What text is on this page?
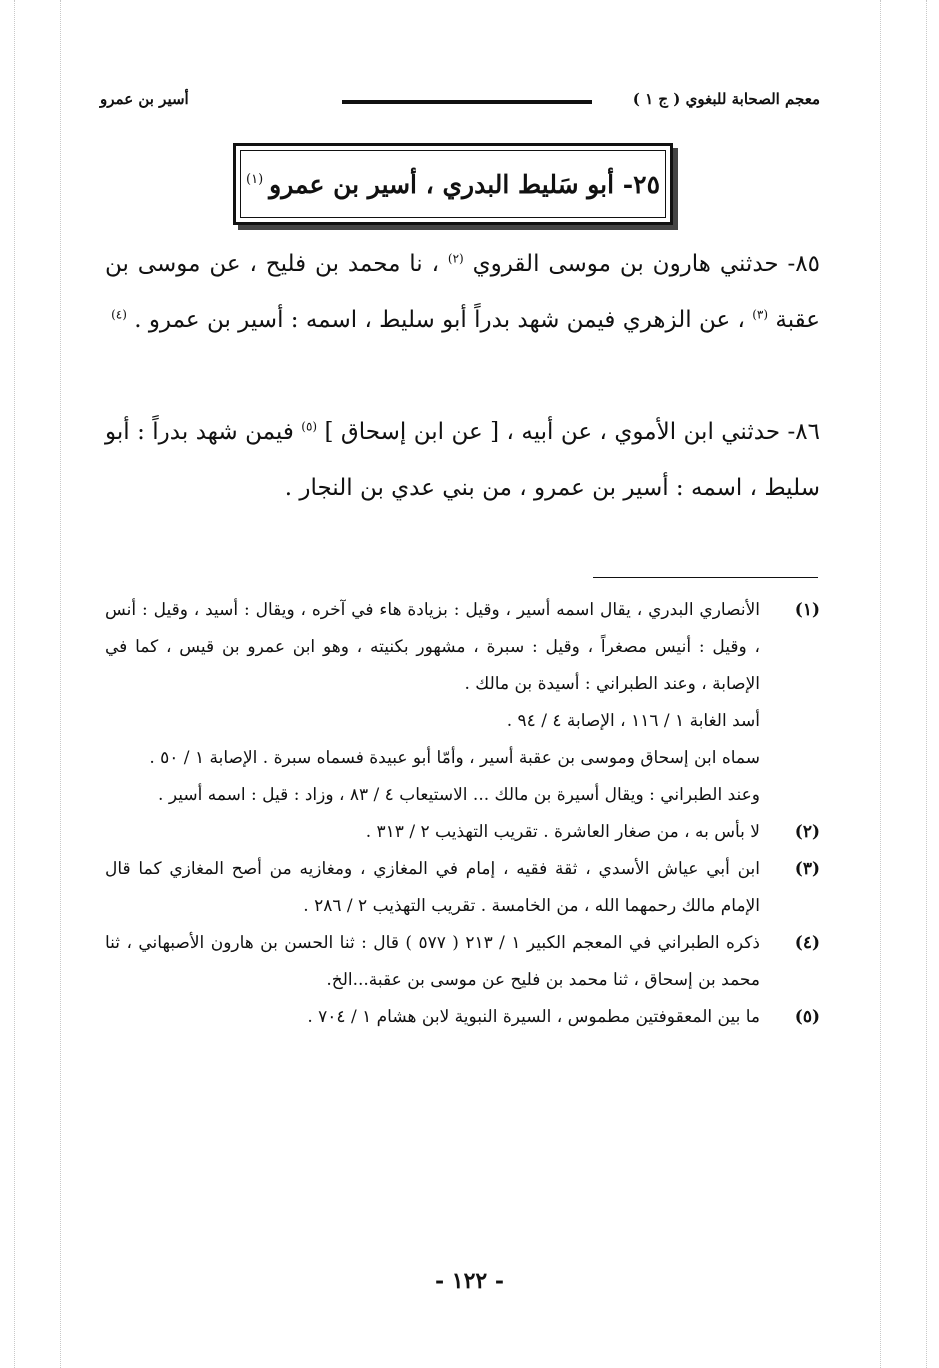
معجم الصحابة للبغوي ( ج ١ )
أسير بن عمرو
٢٥- أبو سَليط البدري ، أسير بن عمرو$^{(١)}$
٨٥- حدثني هارون بن موسى القروي $^{(٢)}$ ، نا محمد بن فليح ، عن موسى بن عقبة $^{(٣)}$ ، عن الزهري فيمن شهد بدراً أبو سليط ، اسمه : أسير بن عمرو . $^{(٤)}$
٨٦- حدثني ابن الأموي ، عن أبيه ، [ عن ابن إسحاق ] $^{(٥)}$ فيمن شهد بدراً : أبو سليط ، اسمه : أسير بن عمرو ، من بني عدي بن النجار .
(١)
الأنصاري البدري ، يقال اسمه أسير ، وقيل : بزيادة هاء في آخره ، ويقال : أسيد ، وقيل : أنس ، وقيل : أنيس مصغراً ، وقيل : سبرة ، مشهور بكنيته ، وهو ابن عمرو بن قيس ، كما في الإصابة ، وعند الطبراني : أسيدة بن مالك .
أسد الغابة ١ / ١١٦ ، الإصابة ٤ / ٩٤ .
سماه ابن إسحاق وموسى بن عقبة أسير ، وأمّا أبو عبيدة فسماه سبرة . الإصابة ١ / ٥٠ .
وعند الطبراني : ويقال أسيرة بن مالك ... الاستيعاب ٤ / ٨٣ ، وزاد : قيل : اسمه أسير .
(٢)
لا بأس به ، من صغار العاشرة . تقريب التهذيب ٢ / ٣١٣ .
(٣)
ابن أبي عياش الأسدي ، ثقة فقيه ، إمام في المغازي ، ومغازيه من أصح المغازي كما قال الإمام مالك رحمهما الله ، من الخامسة . تقريب التهذيب ٢ / ٢٨٦ .
(٤)
ذكره الطبراني في المعجم الكبير ١ / ٢١٣ ( ٥٧٧ ) قال : ثنا الحسن بن هارون الأصبهاني ، ثنا محمد بن إسحاق ، ثنا محمد بن فليح عن موسى بن عقبة...الخ.
(٥)
ما بين المعقوفتين مطموس ، السيرة النبوية لابن هشام ١ / ٧٠٤ .
- ١٢٢ -
